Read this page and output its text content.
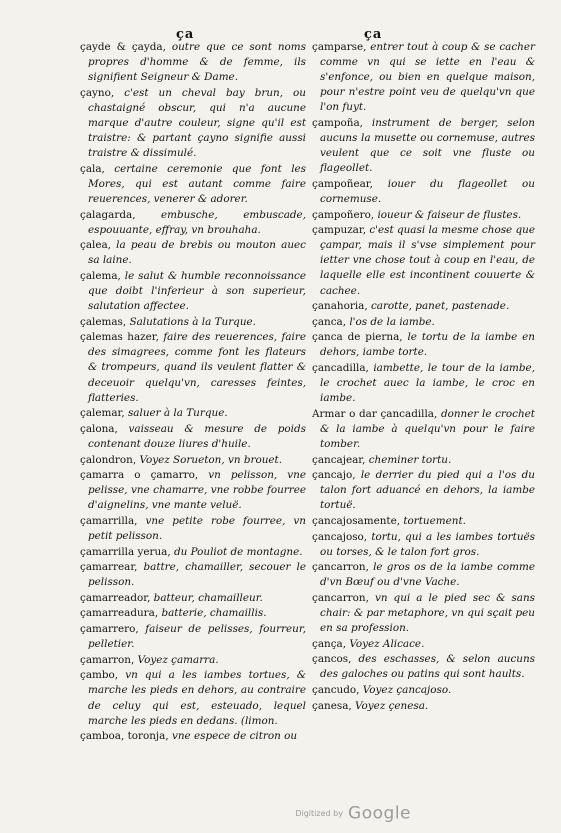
ça	ça
çayde & çayda, outre que ce sont noms propres d'homme & de femme, ils signifient Seigneur & Dame.
çayno, c'est un cheval bay brun, ou chastaigné obscur, qui n'a aucune marque d'autre couleur, signe qu'il est traistre: & partant çayno signifie aussi traistre & dissimulé.
çala, certaine ceremonie que font les Mores, qui est autant comme faire reuerences, venerer & adorer.
çalagarda, embusche, embuscade, espouuante, effray, vn brouhaha.
çalea, la peau de brebis ou mouton auec sa laine.
çalema, le salut & humble reconnoissance que doibt l'inferieur à son superieur, salutation affectee.
çalemas, Salutations à la Turque.
çalemas hazer, faire des reuerences, faire des simagrees, comme font les flateurs & trompeurs, quand ils veulent flatter & deceuoir quelqu'vn, caresses feintes, flatteries.
çalemar, saluer à la Turque.
çalona, vaisseau & mesure de poids contenant douze liures d'huile.
çalondron, Voyez Sorueton, vn brouet.
çamarra o çamarro, vn pelisson, vne pelisse, vne chamarre, vne robbe fourree d'aignelins, vne mante veluë.
çamarrilla, vne petite robe fourree, vn petit pelisson.
çamarrilla yerua, du Pouliot de montagne.
çamarrear, battre, chamailler, secouer le pelisson.
çamarreador, batteur, chamailleur.
çamarreadura, batterie, chamaillis.
çamarrero, faiseur de pelisses, fourreur, pelletier.
çamarron, Voyez çamarra.
çambo, vn qui a les iambes tortues, & marche les pieds en dehors, au contraire de celuy qui est, esteuado, lequel marche les pieds en dedans. (limon.
çamboa, toronja, vne espece de citron ou
çamparse, entrer tout à coup & se cacher comme vn qui se iette en l'eau & s'enfonce, ou bien en quelque maison, pour n'estre point veu de quelqu'vn que l'on fuyt.
çampoña, instrument de berger, selon aucuns la musette ou cornemuse, autres veulent que ce soit vne fluste ou flageollet.
çampoñear, iouer du flageollet ou cornemuse.
çampoñero, ioueur & faiseur de flustes.
çampuzar, c'est quasi la mesme chose que çampar, mais il s'vse simplement pour ietter vne chose tout à coup en l'eau, de laquelle elle est incontinent couuerte & cachee.
çanahoria, carotte, panet, pastenade.
çanca, l'os de la iambe.
çanca de pierna, le tortu de la iambe en dehors, iambe torte.
çancadilla, iambette, le tour de la iambe, le crochet auec la iambe, le croc en iambe.
Armar o dar çancadilla, donner le crochet & la iambe à quelqu'vn pour le faire tomber.
çancajear, cheminer tortu.
çancajo, le derrier du pied qui a l'os du talon fort aduancé en dehors, la iambe tortuë.
çancajosamente, tortuement.
çancajoso, tortu, qui a les iambes tortuës ou torses, & le talon fort gros.
çancarron, le gros os de la iambe comme d'vn Bœuf ou d'vne Vache.
çancarron, vn qui a le pied sec & sans chair: & par metaphore, vn qui sçait peu en sa profession.
çança, Voyez Alicace.
çancos, des eschasses, & selon aucuns des galoches ou patins qui sont haults.
çancudo, Voyez çancajoso.
çanesa, Voyez çenesa.
Digitized by Google
